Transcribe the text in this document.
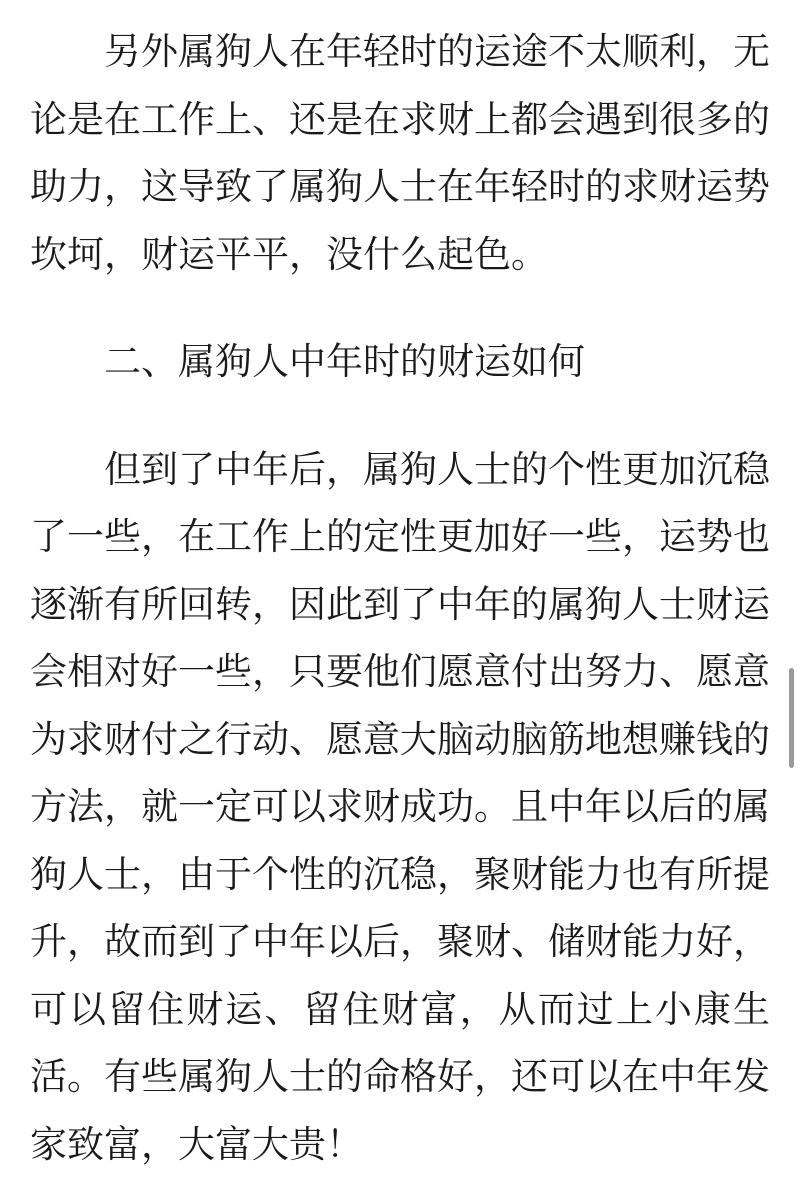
另外属狗人在年轻时的运途不太顺利，无论是在工作上、还是在求财上都会遇到很多的助力，这导致了属狗人士在年轻时的求财运势坎坷，财运平平，没什么起色。

二、属狗人中年时的财运如何

但到了中年后，属狗人士的个性更加沉稳了一些，在工作上的定性更加好一些，运势也逐渐有所回转，因此到了中年的属狗人士财运会相对好一些，只要他们愿意付出努力、愿意为求财付之行动、愿意大脑动脑筋地想赚钱的方法，就一定可以求财成功。且中年以后的属狗人士，由于个性的沉稳，聚财能力也有所提升，故而到了中年以后，聚财、储财能力好，可以留住财运、留住财富，从而过上小康生活。有些属狗人士的命格好，还可以在中年发家致富，大富大贵！
